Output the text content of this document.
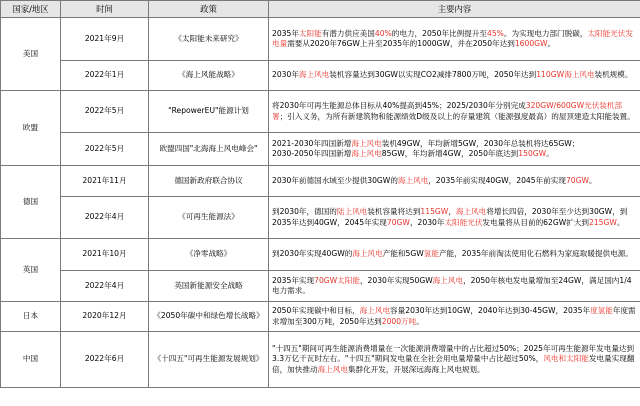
国家/地区	时间	政策	主要内容
美国	2021年9月	《太阳能未来研究》	2035年太阳能有潜力供应美国40%的电力，2050年比例提升至45%。为实现电力部门脱碳，太阳能光伏发电量需要从2020年76GW上升至2035年的1000GW，并在2050年达到1600GW。
	2022年1月	《海上风能战略》	2030年海上风电装机容量达到30GW以实现CO2减排7800万吨，2050年达到110GW海上风电装机规模。
欧盟	2022年5月	"RepowerEU"能源计划	将2030年可再生能源总体目标从40%提高到45%；2025/2030年分别完成320GW/600GW光伏装机部署；引入义务，为所有新建筑物和能源绩效D级及以上的存量建筑（能源强度最高）的屋顶建造太阳能装置。
	2022年5月	欧盟四国"北海海上风电峰会"	2021-2030年四国新增海上风电装机49GW，年均新增5GW，2030年总装机将达65GW；
2030-2050年四国新增海上风电85GW，年均新增4GW，2050年底达到150GW。
德国	2021年11月	德国新政府联合协议	2030年前德国水域至少提供30GW的海上风电，2035年前实现40GW，2045年前实现70GW。
	2022年4月	《可再生能源法》	到2030年，德国的陆上风电装机容量将达到115GW，海上风电将增长四倍，2030年至少达到30GW，到2035年达到40GW，2045年实现70GW，2030年太阳能光伏发电量将从目前的62GW扩大到215GW。
英国	2021年10月	《净零战略》	到2030年实现40GW的海上风电产能和5GW氢能产能，2035年前淘汰使用化石燃料为家庭取暖提供电源。
	2022年4月	英国新能源安全战略	2035年实现70GW太阳能，2030年实现50GW海上风电，2050年核电发电量增加至24GW，满足国内1/4电力需求。
日本	2020年12月	《2050年碳中和绿色增长战略》	2050年实现碳中和目标，海上风电容量2030年达到10GW，2040年达到30-45GW，2035年度氢能年度需求增加至300万吨，2050年达到2000万吨。
中国	2022年6月	《十四五"可再生能源发展规划》	"十四五"期间可再生能源消费增量在一次能源消费增量中的占比超过50%；2025年可再生能源年发电量达到3.3万亿千瓦时左右。"十四五"期间发电量在全社会用电量增量中占比超过50%，风电和太阳能发电量实现翻倍，加快推动海上风电集群化开发，开展深远海海上风电规划。
